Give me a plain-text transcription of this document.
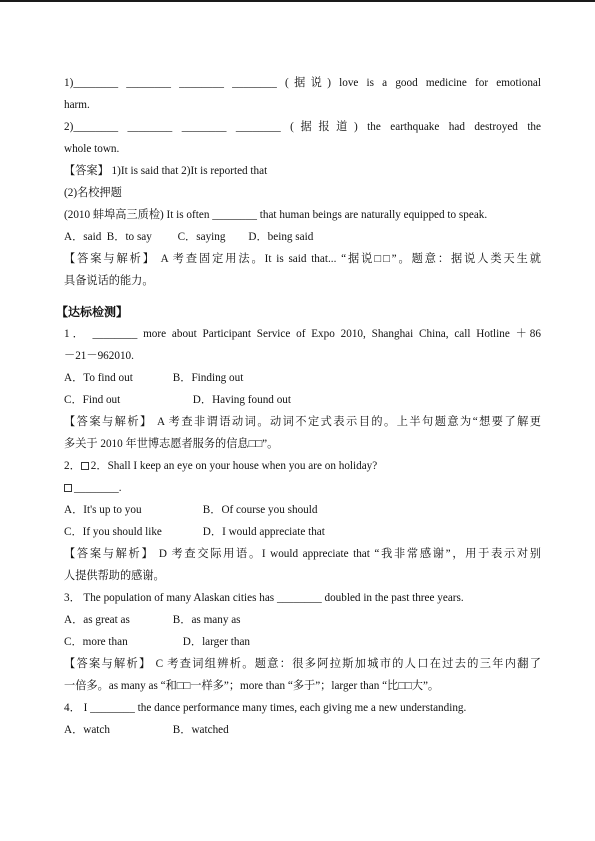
1)________ ________ ________ ________ (据说) love is a good medicine for emotional
harm.
2)________ ________ ________ ________ (据报道) the earthquake had destroyed the
whole town.
【答案】 1)It is said that 2)It is reported that
(2)名校押题
(2010 蚌埠高三质检) It is often ________ that human beings are naturally equipped to speak.
A．said B．to say C．saying D．being said
【答案与解析】 A 考查固定用法。It is said that... “据说□□”。题意：据说人类天生就
具备说话的能力。
【达标检测】
1． ________ more about Participant Service of Expo 2010, Shanghai China, call Hotline ＋86
－21－962010.
A．To find out	B．Finding out
C．Find out	D．Having found out
【答案与解析】 A 考查非谓语动词。动词不定式表示目的。上半句题意为“想要了解更
多关于 2010 年世博志愿者服务的信息□□”。
2． 2．Shall I keep an eye on your house when you are on holiday?
________.
A．It's up to you	B．Of course you should
C．If you should like	D．I would appreciate that
【答案与解析】 D 考查交际用语。I would appreciate that “我非常感谢”，用于表示对别
人提供帮助的感谢。
3． The population of many Alaskan cities has ________ doubled in the past three years.
A．as great as	B．as many as
C．more than	D．larger than
【答案与解析】 C 考查词组辨析。题意：很多阿拉斯加城市的人口在过去的三年内翻了
一倍多。as many as “和□□一样多”；more than “多于”；larger than “比□□大”。
4． I ________ the dance performance many times, each giving me a new understanding.
A．watch	B．watched
